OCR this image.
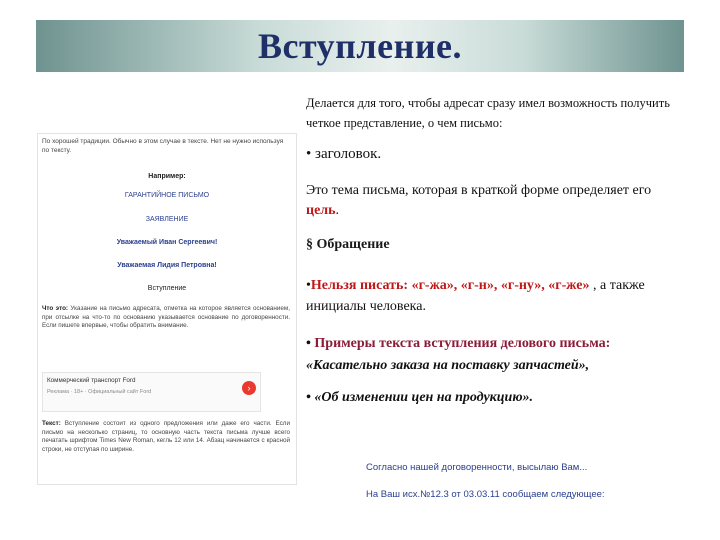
Вступление.
По хорошей традиции. Обычно в этом случае в тексте. Нет не нужно используя по тексту.
Например:
ГАРАНТИЙНОЕ ПИСЬМО
ЗАЯВЛЕНИЕ
Уважаемый Иван Сергеевич!
Уважаемая Лидия Петровна!
Вступление
Что это: Указание на письмо адресата, отметка на которое является основанием, при отсылке на что-то по основанию указывается основание по договоренности. Если пишете впервые, чтобы обратить внимание.
Коммерческий транспорт Ford
Реклама · 18+ · Официальный сайт Ford	›
Текст: Вступление состоит из одного предложения или даже его части. Если письмо на несколько страниц, то основную часть текста письма лучше всего печатать шрифтом Times New Roman, кегль 12 или 14. Абзац начинается с красной строки, не отступая по ширине.
Делается для того, чтобы адресат сразу имел возможность получить четкое представление, о чем письмо:
• заголовок.
Это тема письма, которая в краткой форме определяет его цель.
§ Обращение
•Нельзя писать: «г-жа», «г-н», «г-ну», «г-же» , а также инициалы человека.
• Примеры текста вступления делового письма:
«Касательно заказа на поставку запчастей»,
• «Об изменении цен на продукцию».
Согласно нашей договоренности, высылаю Вам...
На Ваш исх.№12.3 от 03.03.11 сообщаем следующее:
